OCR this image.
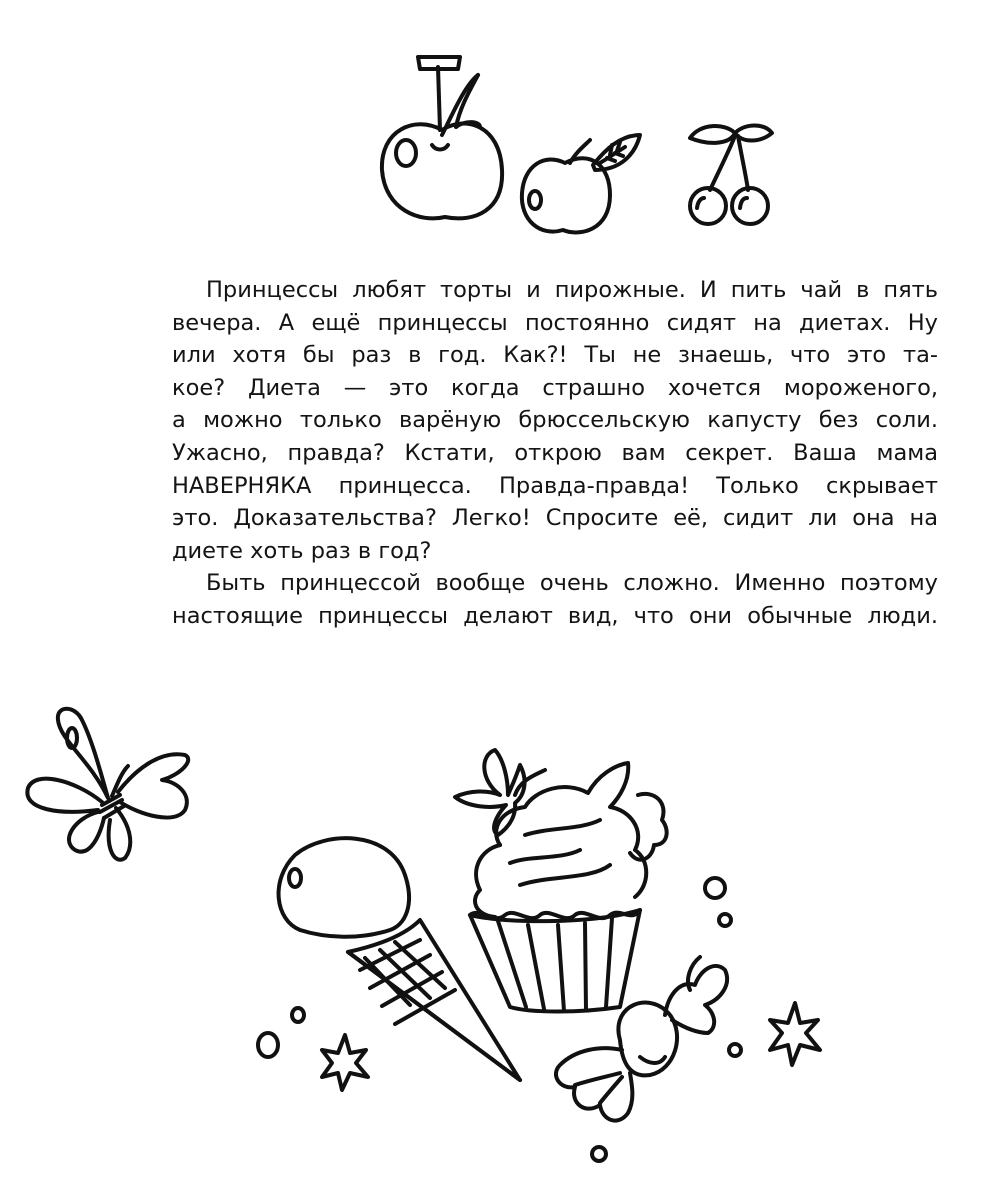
Принцессы любят торты и пирожные. И пить чай в пять
вечера. А ещё принцессы постоянно сидят на диетах. Ну
или хотя бы раз в год. Как?! Ты не знаешь, что это та-
кое? Диета — это когда страшно хочется мороженого,
а можно только варёную брюссельскую капусту без соли.
Ужасно, правда? Кстати, открою вам секрет. Ваша мама
НАВЕРНЯКА принцесса. Правда-правда! Только скрывает
это. Доказательства? Легко! Спросите её, сидит ли она на
диете хоть раз в год?
Быть принцессой вообще очень сложно. Именно поэтому
настоящие принцессы делают вид, что они обычные люди.
